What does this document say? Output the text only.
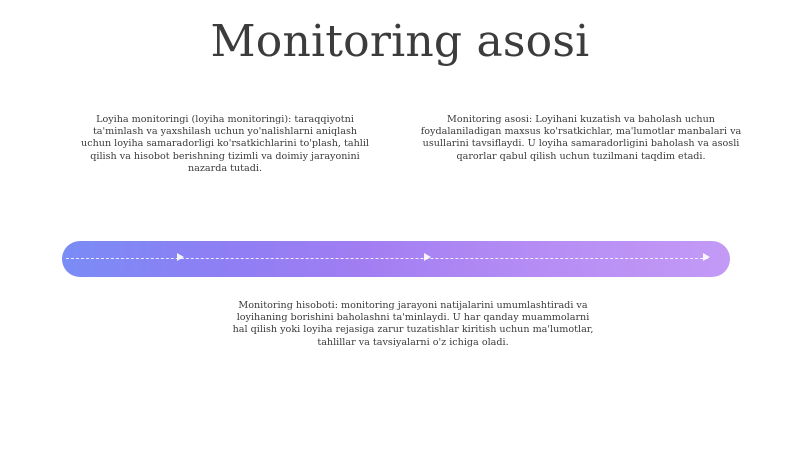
Monitoring asosi
Loyiha monitoringi (loyiha monitoringi): taraqqiyotni ta'minlash va yaxshilash uchun yo'nalishlarni aniqlash uchun loyiha samaradorligi ko'rsatkichlarini to'plash, tahlil qilish va hisobot berishning tizimli va doimiy jarayonini nazarda tutadi.
Monitoring asosi: Loyihani kuzatish va baholash uchun foydalaniladigan maxsus ko'rsatkichlar, ma'lumotlar manbalari va usullarini tavsiflaydi. U loyiha samaradorligini baholash va asosli qarorlar qabul qilish uchun tuzilmani taqdim etadi.
Monitoring hisoboti: monitoring jarayoni natijalarini umumlashtiradi va loyihaning borishini baholashni ta'minlaydi. U har qanday muammolarni hal qilish yoki loyiha rejasiga zarur tuzatishlar kiritish uchun ma'lumotlar, tahlillar va tavsiyalarni o'z ichiga oladi.
